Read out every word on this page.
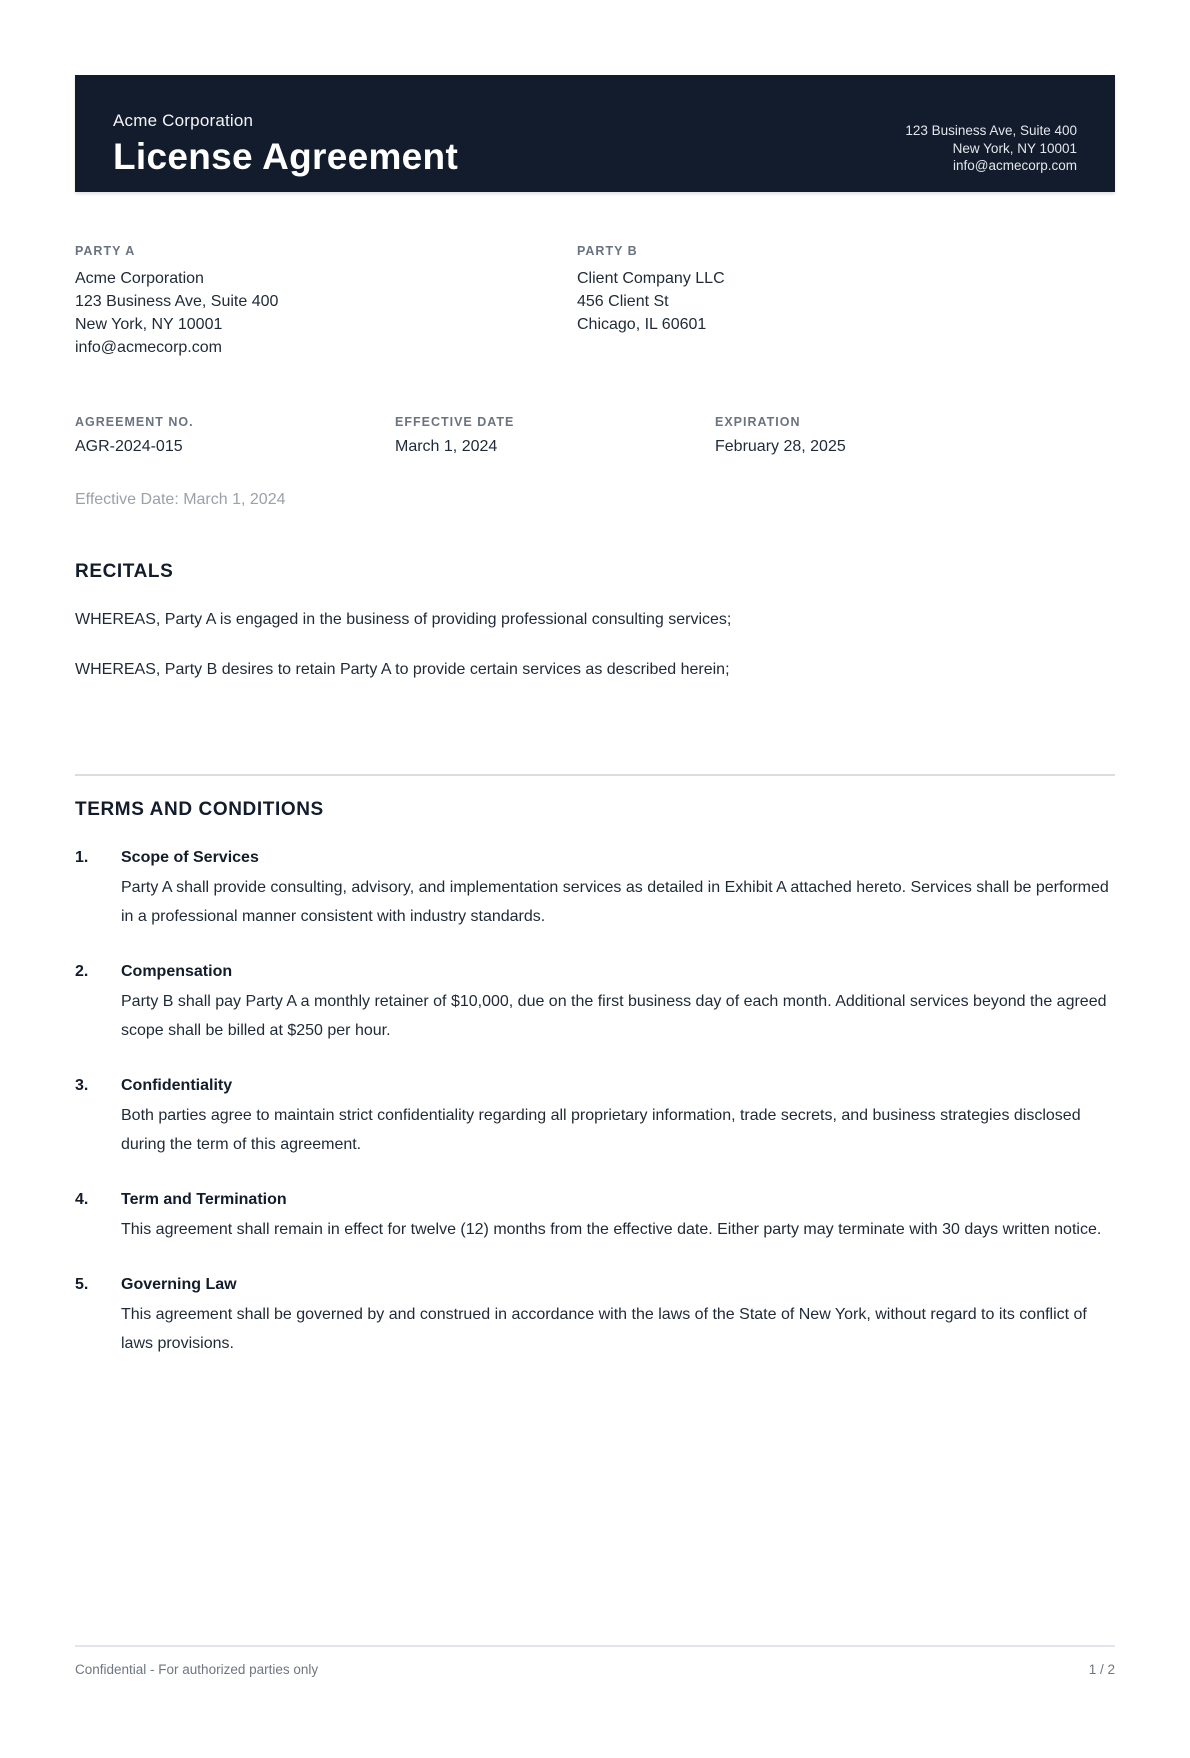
Acme Corporation
License Agreement
123 Business Ave, Suite 400
New York, NY 10001
info@acmecorp.com
PARTY A
Acme Corporation
123 Business Ave, Suite 400
New York, NY 10001
info@acmecorp.com
PARTY B
Client Company LLC
456 Client St
Chicago, IL 60601
AGREEMENT NO.
AGR-2024-015
EFFECTIVE DATE
March 1, 2024
EXPIRATION
February 28, 2025
Effective Date: March 1, 2024
RECITALS

WHEREAS, Party A is engaged in the business of providing professional consulting services;

WHEREAS, Party B desires to retain Party A to provide certain services as described herein;

TERMS AND CONDITIONS
1.	Scope of Services
Party A shall provide consulting, advisory, and implementation services as detailed in Exhibit A attached hereto. Services shall be performed in a professional manner consistent with industry standards.
2.	Compensation
Party B shall pay Party A a monthly retainer of $10,000, due on the first business day of each month. Additional services beyond the agreed scope shall be billed at $250 per hour.
3.	Confidentiality
Both parties agree to maintain strict confidentiality regarding all proprietary information, trade secrets, and business strategies disclosed during the term of this agreement.
4.	Term and Termination
This agreement shall remain in effect for twelve (12) months from the effective date. Either party may terminate with 30 days written notice.
5.	Governing Law
This agreement shall be governed by and construed in accordance with the laws of the State of New York, without regard to its conflict of laws provisions.
Confidential - For authorized parties only	1 / 2
